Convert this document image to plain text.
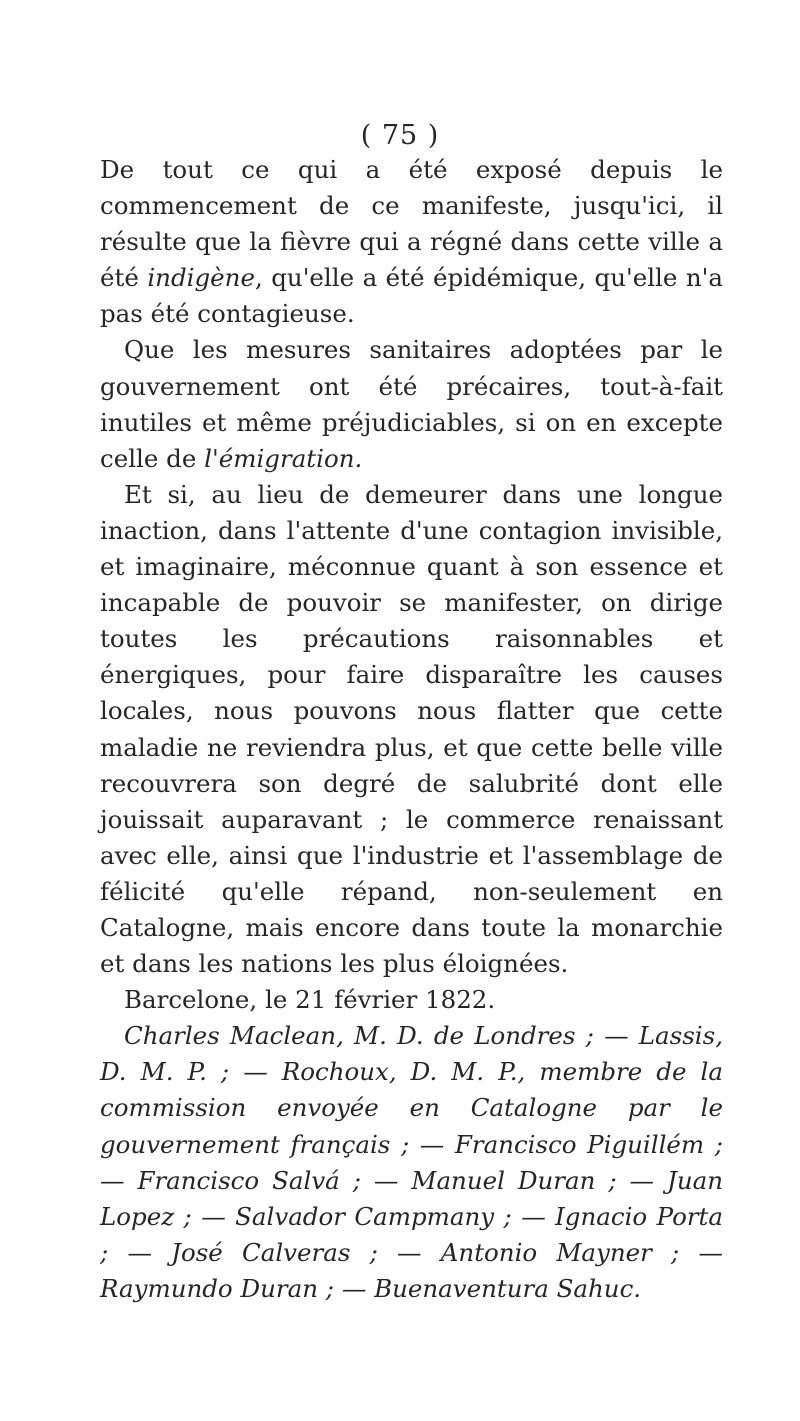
( 75 )

De tout ce qui a été exposé depuis le commencement de ce manifeste, jusqu'ici, il résulte que la fièvre qui a régné dans cette ville a été indigène, qu'elle a été épidémique, qu'elle n'a pas été contagieuse.

Que les mesures sanitaires adoptées par le gouvernement ont été précaires, tout-à-fait inutiles et même préjudiciables, si on en excepte celle de l'émigration.

Et si, au lieu de demeurer dans une longue inaction, dans l'attente d'une contagion invisible, et imaginaire, méconnue quant à son essence et incapable de pouvoir se manifester, on dirige toutes les précautions raisonnables et énergiques, pour faire disparaître les causes locales, nous pouvons nous flatter que cette maladie ne reviendra plus, et que cette belle ville recouvrera son degré de salubrité dont elle jouissait auparavant ; le commerce renaissant avec elle, ainsi que l'industrie et l'assemblage de félicité qu'elle répand, non-seulement en Catalogne, mais encore dans toute la monarchie et dans les nations les plus éloignées.

Barcelone, le 21 février 1822.

Charles Maclean, M. D. de Londres ; — Lassis, D. M. P. ; — Rochoux, D. M. P., membre de la commission envoyée en Catalogne par le gouvernement français ; — Francisco Piguillém ; — Francisco Salvá ; — Manuel Duran ; — Juan Lopez ; — Salvador Campmany ; — Ignacio Porta ; — José Calveras ; — Antonio Mayner ; — Raymundo Duran ; — Buenaventura Sahuc.
